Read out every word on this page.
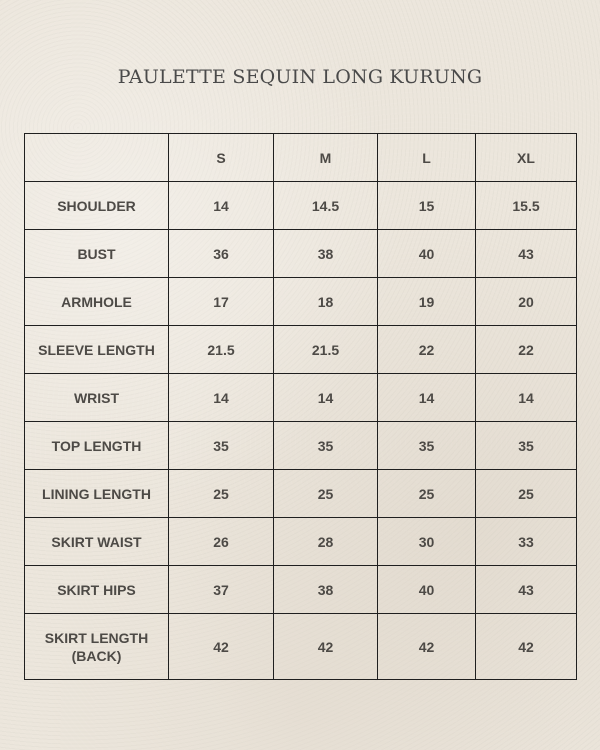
PAULETTE SEQUIN LONG KURUNG
	S	M	L	XL
SHOULDER	14	14.5	15	15.5
BUST	36	38	40	43
ARMHOLE	17	18	19	20
SLEEVE LENGTH	21.5	21.5	22	22
WRIST	14	14	14	14
TOP LENGTH	35	35	35	35
LINING LENGTH	25	25	25	25
SKIRT WAIST	26	28	30	33
SKIRT HIPS	37	38	40	43
SKIRT LENGTH
(BACK)	42	42	42	42
